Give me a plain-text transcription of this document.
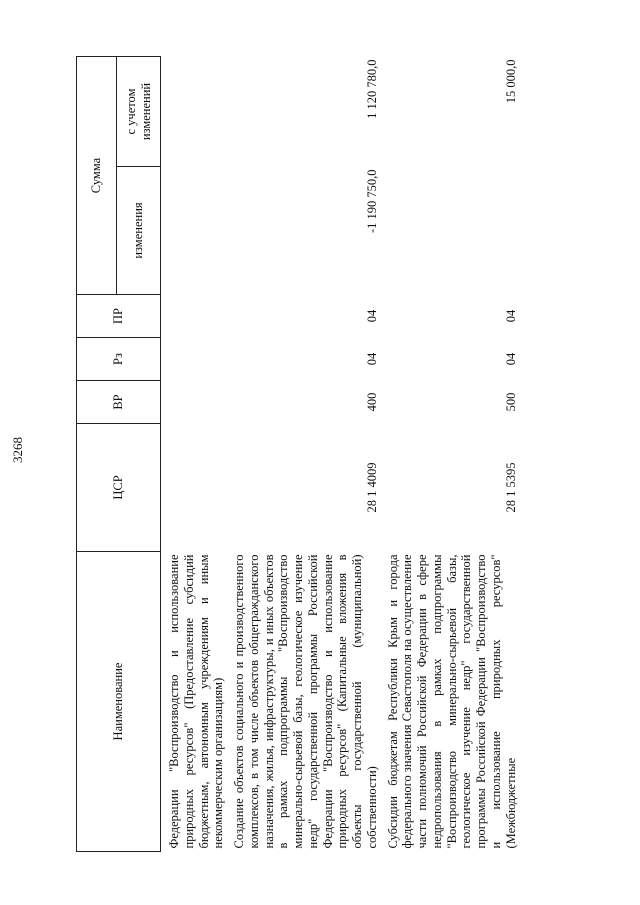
3268
Наименование	ЦСР	ВР	Рз	ПР	Сумма	
					изменения	с учетом изменений
Федерации "Воспроизводство и использование природных ресурсов" (Предоставление субсидий бюджетным, автономным учреждениям и иным некоммерческим организациям)						
Создание объектов социального и производственного комплексов, в том числе объектов общегражданского назначения, жилья, инфраструктуры, и иных объектов в рамках подпрограммы "Воспроизводство минерально-сырьевой базы, геологическое изучение недр" государственной программы Российской Федерации "Воспроизводство и использование природных ресурсов" (Капитальные вложения в объекты государственной (муниципальной) собственности)	28 1 4009	400	04	04	-1 190 750,0	1 120 780,0
Субсидии бюджетам Республики Крым и города федерального значения Севастополя на осуществление части полномочий Российской Федерации в сфере недропользования в рамках подпрограммы "Воспроизводство минерально-сырьевой базы, геологическое изучение недр" государственной программы Российской Федерации "Воспроизводство и использование природных ресурсов" (Межбюджетные	28 1 5395	500	04	04		15 000,0
